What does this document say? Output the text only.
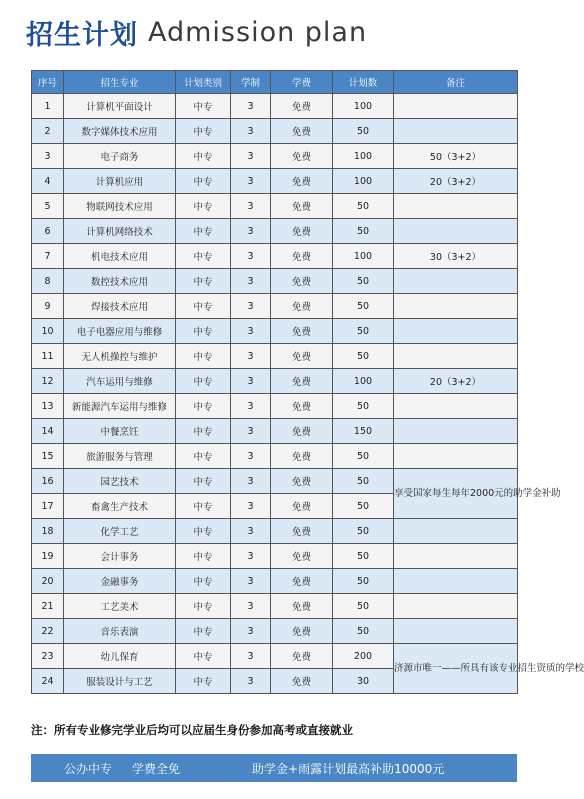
招生计划 Admission plan
序号	招生专业	计划类别	学制	学费	计划数	备注
1	计算机平面设计	中专	3	免费	100	
2	数字媒体技术应用	中专	3	免费	50	
3	电子商务	中专	3	免费	100	50（3+2）
4	计算机应用	中专	3	免费	100	20（3+2）
5	物联网技术应用	中专	3	免费	50	
6	计算机网络技术	中专	3	免费	50	
7	机电技术应用	中专	3	免费	100	30（3+2）
8	数控技术应用	中专	3	免费	50	
9	焊接技术应用	中专	3	免费	50	
10	电子电器应用与维修	中专	3	免费	50	
11	无人机操控与维护	中专	3	免费	50	
12	汽车运用与维修	中专	3	免费	100	20（3+2）
13	新能源汽车运用与维修	中专	3	免费	50	
14	中餐烹饪	中专	3	免费	150	
15	旅游服务与管理	中专	3	免费	50	
16	园艺技术	中专	3	免费	50	享受国家每生每年2000元的助学金补助
17	畜禽生产技术	中专	3	免费	50	
18	化学工艺	中专	3	免费	50	
19	会计事务	中专	3	免费	50	
20	金融事务	中专	3	免费	50	
21	工艺美术	中专	3	免费	50	
22	音乐表演	中专	3	免费	50	
23	幼儿保育	中专	3	免费	200	济源市唯一——所具有该专业招生资质的学校
24	服装设计与工艺	中专	3	免费	30	
注：所有专业修完学业后均可以应届生身份参加高考或直接就业
公办中专 学费全免	助学金+雨露计划最高补助10000元
